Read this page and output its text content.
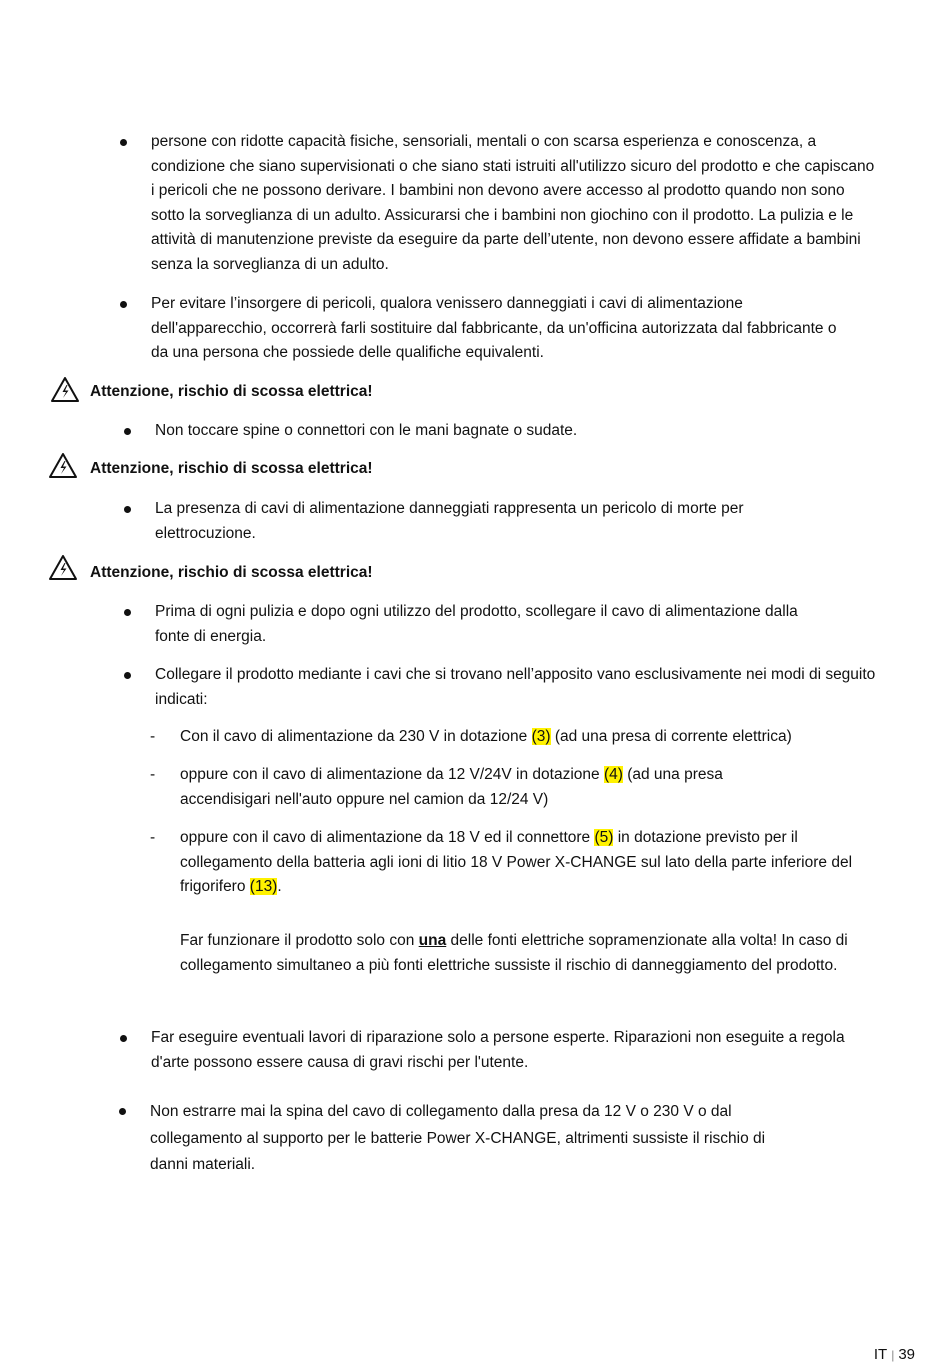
persone con ridotte capacità fisiche, sensoriali, mentali o con scarsa esperienza e conoscenza, a condizione che siano supervisionati o che siano stati istruiti all'utilizzo sicuro del prodotto e che capiscano i pericoli che ne possono derivare. I bambini non devono avere accesso al prodotto quando non sono sotto la sorveglianza di un adulto. Assicurarsi che i bambini non giochino con il prodotto. La pulizia e le attività di manutenzione previste da eseguire da parte dell’utente, non devono essere affidate a bambini senza la sorveglianza di un adulto.
Per evitare l’insorgere di pericoli, qualora venissero danneggiati i cavi di alimentazione dell'apparecchio, occorrerà farli sostituire dal fabbricante, da un'officina autorizzata dal fabbricante o da una persona che possiede delle qualifiche equivalenti.
Attenzione, rischio di scossa elettrica!
Non toccare spine o connettori con le mani bagnate o sudate.
Attenzione, rischio di scossa elettrica!
La presenza di cavi di alimentazione danneggiati rappresenta un pericolo di morte per elettrocuzione.
Attenzione, rischio di scossa elettrica!
Prima di ogni pulizia e dopo ogni utilizzo del prodotto, scollegare il cavo di alimentazione dalla fonte di energia.
Collegare il prodotto mediante i cavi che si trovano nell’apposito vano esclusivamente nei modi di seguito indicati:
- Con il cavo di alimentazione da 230 V in dotazione (3) (ad una presa di corrente elettrica)
- oppure con il cavo di alimentazione da 12 V/24V in dotazione (4) (ad una presa accendisigari nell'auto oppure nel camion da 12/24 V)
- oppure con il cavo di alimentazione da 18 V ed il connettore (5) in dotazione previsto per il collegamento della batteria agli ioni di litio 18 V Power X-CHANGE sul lato della parte inferiore del frigorifero (13).
Far funzionare il prodotto solo con una delle fonti elettriche sopramenzionate alla volta! In caso di collegamento simultaneo a più fonti elettriche sussiste il rischio di danneggiamento del prodotto.
Far eseguire eventuali lavori di riparazione solo a persone esperte. Riparazioni non eseguite a regola d'arte possono essere causa di gravi rischi per l'utente.
Non estrarre mai la spina del cavo di collegamento dalla presa da 12 V o 230 V o dal collegamento al supporto per le batterie Power X-CHANGE, altrimenti sussiste il rischio di danni materiali.
IT | 39
